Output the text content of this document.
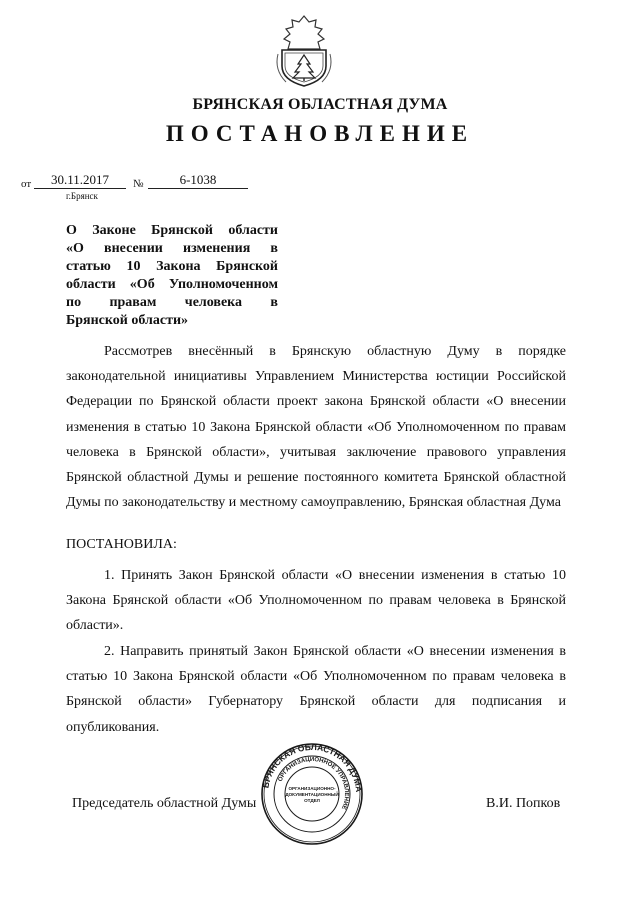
БРЯНСКАЯ ОБЛАСТНАЯ ДУМА
ПОСТАНОВЛЕНИЕ
от	30.11.2017	№	6-1038
г.Брянск
О Законе Брянской области
«О внесении изменения в
статью 10 Закона Брянской
области «Об Уполномоченном
по правам человека в
Брянской области»

Рассмотрев внесённый в Брянскую областную Думу в порядке законодательной инициативы Управлением Министерства юстиции Российской Федерации по Брянской области проект закона Брянской области «О внесении изменения в статью 10 Закона Брянской области «Об Уполномоченном по правам человека в Брянской области», учитывая заключение правового управления Брянской областной Думы и решение постоянного комитета Брянской областной Думы по законодательству и местному самоуправлению, Брянская областная Дума

ПОСТАНОВИЛА:

1. Принять Закон Брянской области «О внесении изменения в статью 10 Закона Брянской области «Об Уполномоченном по правам человека в Брянской области».

2. Направить принятый Закон Брянской области «О внесении изменения в статью 10 Закона Брянской области «Об Уполномоченном по правам человека в Брянской области» Губернатору Брянской области для подписания и опубликования.

Председатель областной Думы	В.И. Попков
БРЯНСКАЯ ОБЛАСТНАЯ ДУМА
ОРГАНИЗАЦИОННОЕ УПРАВЛЕНИЕ
ОРГАНИЗАЦИОННО-
ДОКУМЕНТАЦИОННЫЙ
ОТДЕЛ
